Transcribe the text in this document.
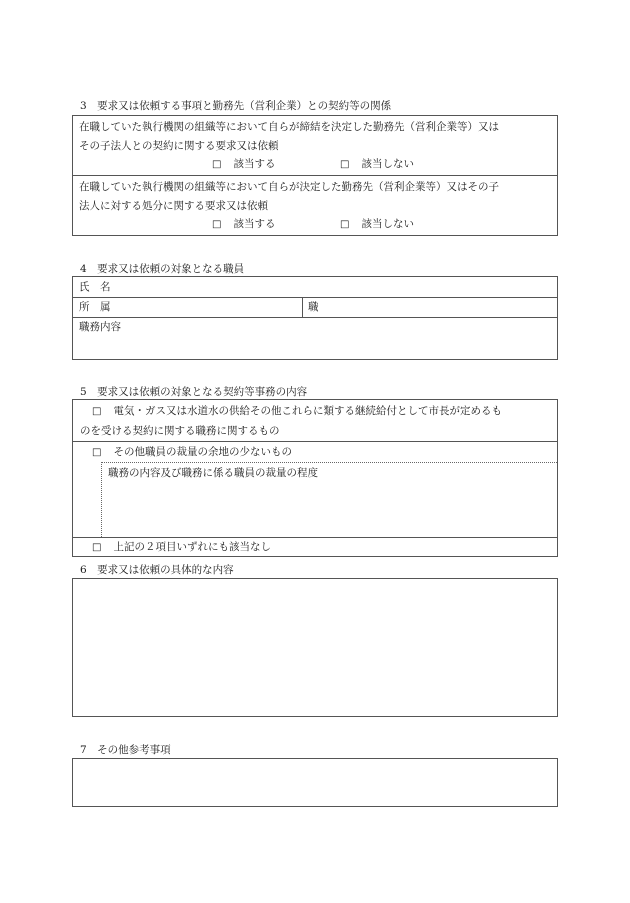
3　要求又は依頼する事項と勤務先（営利企業）との契約等の関係
在職していた執行機関の組織等において自らが締結を決定した勤務先（営利企業等）又は
その子法人との契約に関する要求又は依頼
□ 該当する	□ 該当しない
在職していた執行機関の組織等において自らが決定した勤務先（営利企業等）又はその子
法人に対する処分に関する要求又は依頼
□ 該当する	□ 該当しない
4　要求又は依頼の対象となる職員
氏　名
所　属	職
職務内容
5　要求又は依頼の対象となる契約等事務の内容
□ 電気・ガス又は水道水の供給その他これらに類する継続給付として市長が定めるも
のを受ける契約に関する職務に関するもの
□ その他職員の裁量の余地の少ないもの
職務の内容及び職務に係る職員の裁量の程度
□ 上記の２項目いずれにも該当なし
6　要求又は依頼の具体的な内容
7　その他参考事項
